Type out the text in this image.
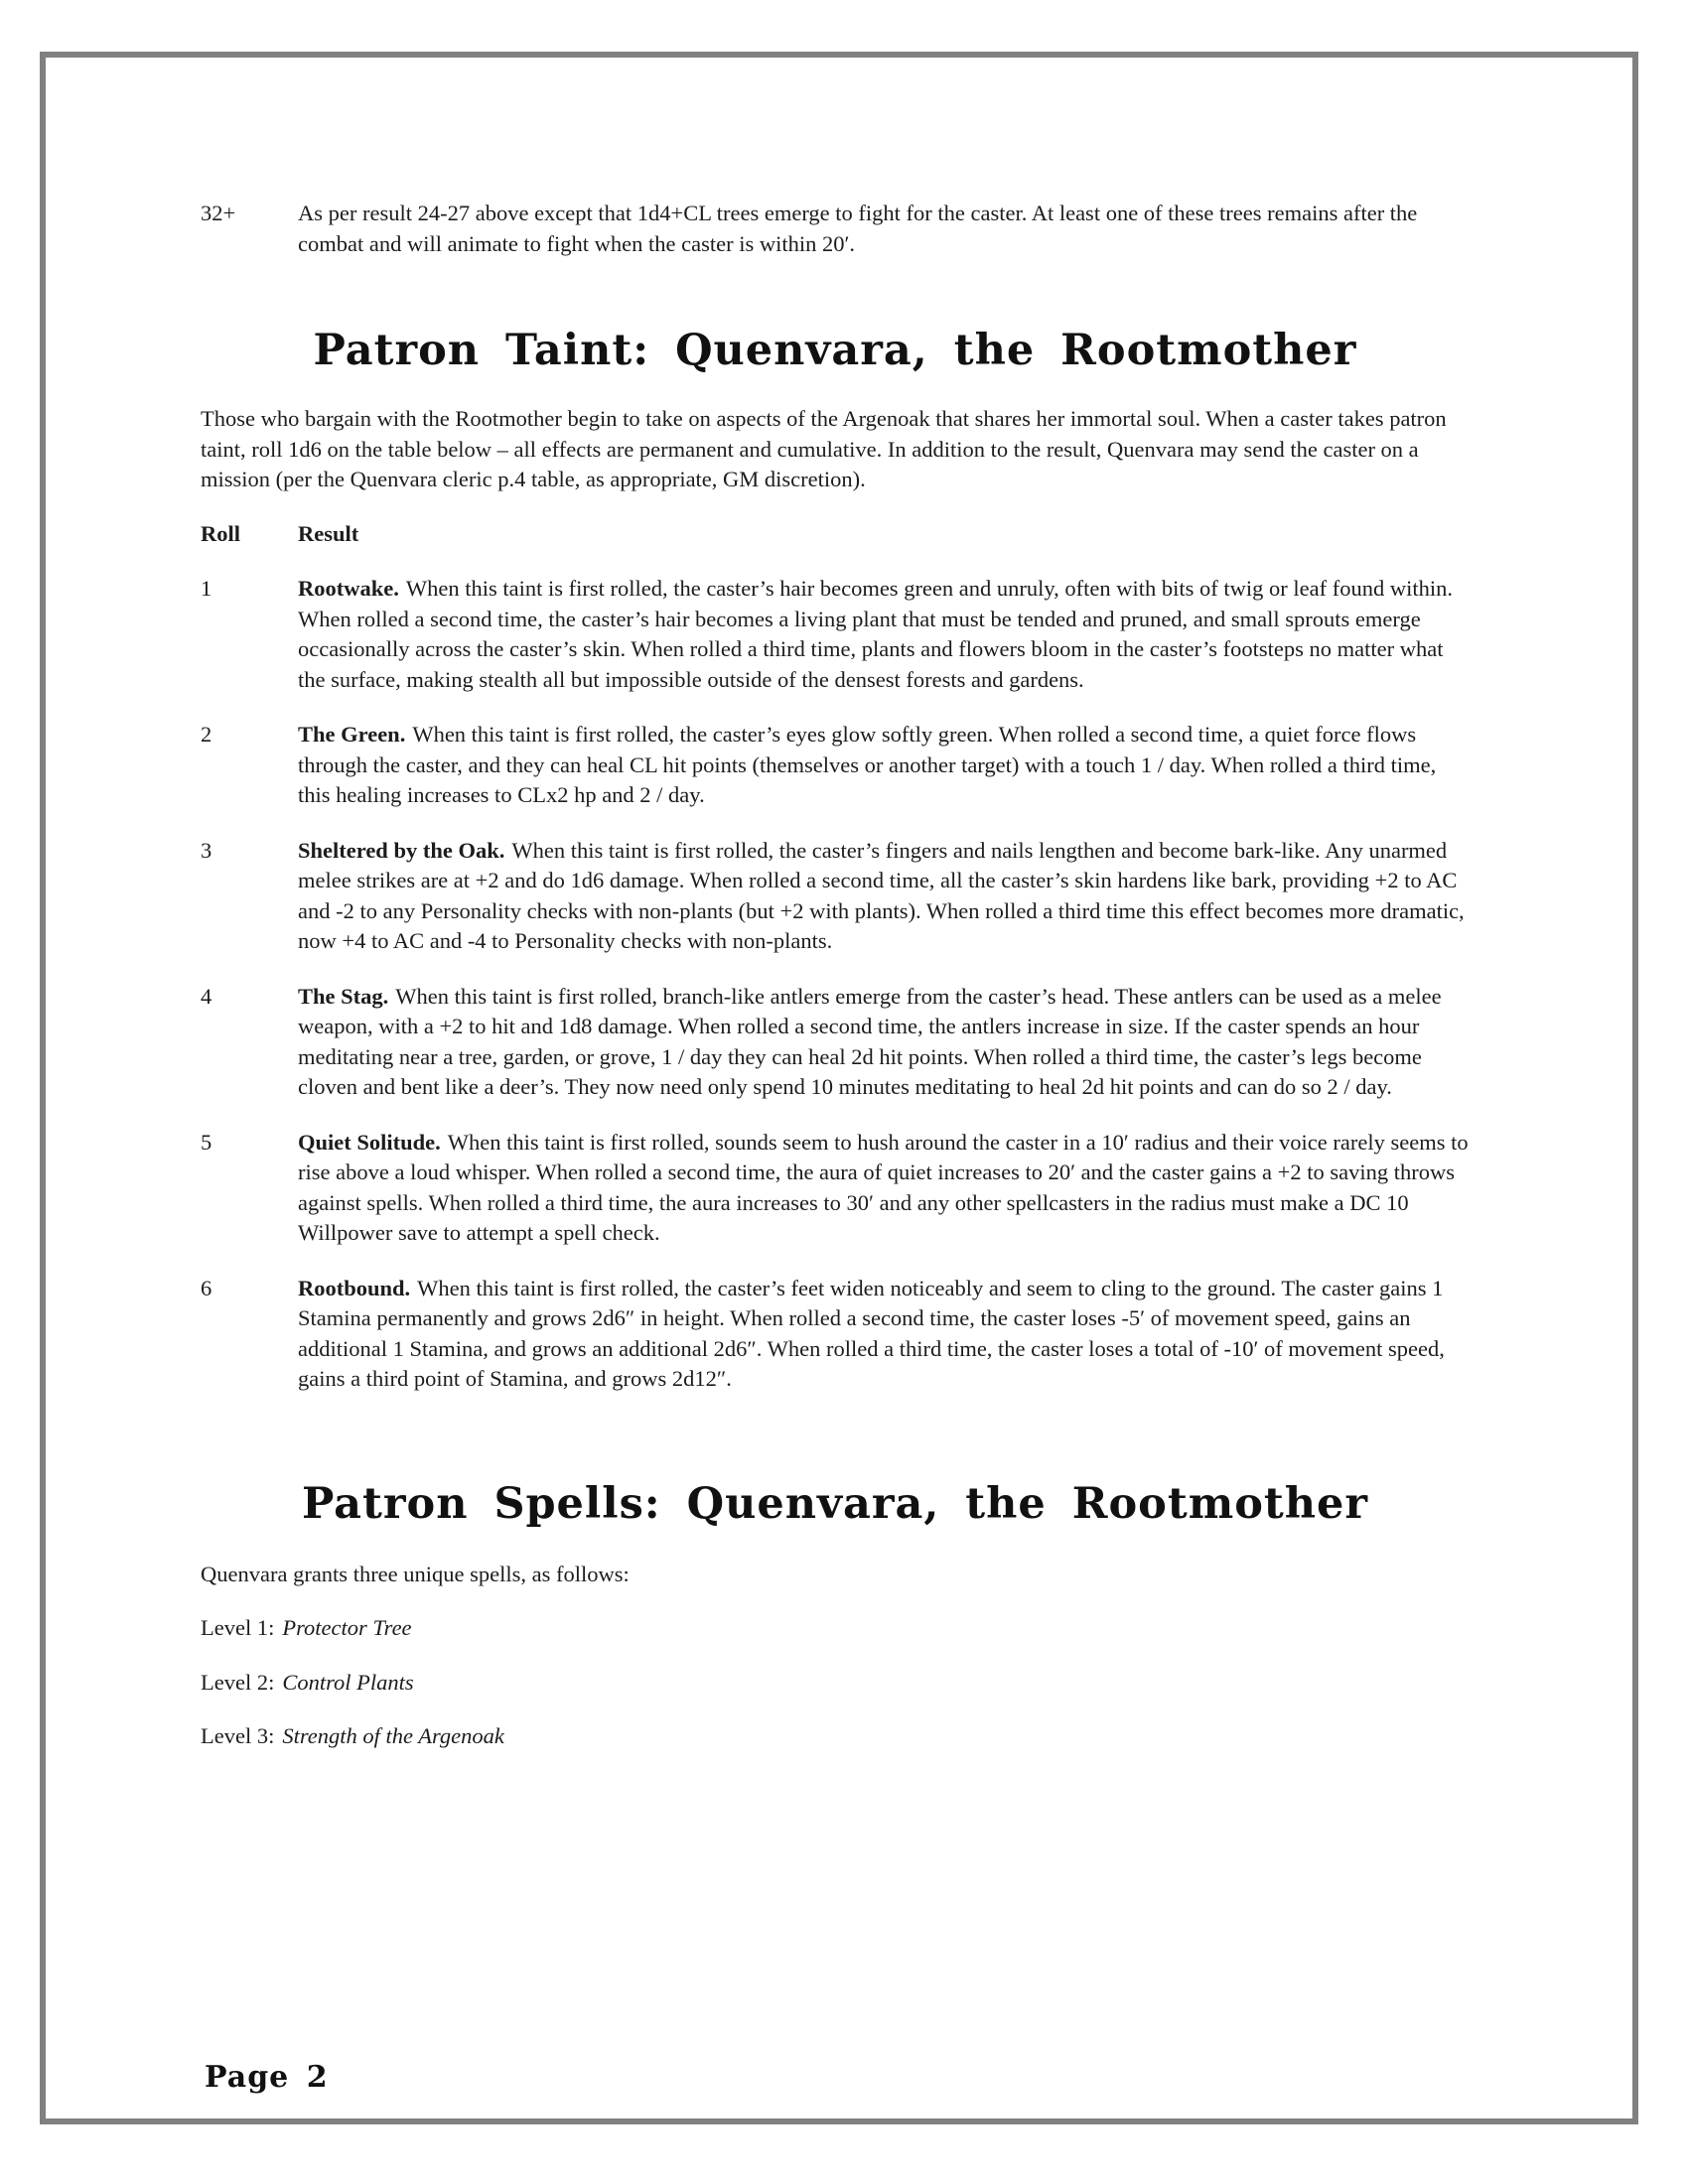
32+	As per result 24-27 above except that 1d4+CL trees emerge to fight for the caster. At least one of these trees remains after the combat and will animate to fight when the caster is within 20′.
Patron Taint: Quenvara, the Rootmother

Those who bargain with the Rootmother begin to take on aspects of the Argenoak that shares her immortal soul. When a caster takes patron taint, roll 1d6 on the table below – all effects are permanent and cumulative. In addition to the result, Quenvara may send the caster on a mission (per the Quenvara cleric p.4 table, as appropriate, GM discretion).

Roll	Result
1	Rootwake. When this taint is first rolled, the caster’s hair becomes green and unruly, often with bits of twig or leaf found within. When rolled a second time, the caster’s hair becomes a living plant that must be tended and pruned, and small sprouts emerge occasionally across the caster’s skin. When rolled a third time, plants and flowers bloom in the caster’s footsteps no matter what the surface, making stealth all but impossible outside of the densest forests and gardens.
2	The Green. When this taint is first rolled, the caster’s eyes glow softly green. When rolled a second time, a quiet force flows through the caster, and they can heal CL hit points (themselves or another target) with a touch 1 / day. When rolled a third time, this healing increases to CLx2 hp and 2 / day.
3	Sheltered by the Oak. When this taint is first rolled, the caster’s fingers and nails lengthen and become bark-like. Any unarmed melee strikes are at +2 and do 1d6 damage. When rolled a second time, all the caster’s skin hardens like bark, providing +2 to AC and -2 to any Personality checks with non-plants (but +2 with plants). When rolled a third time this effect becomes more dramatic, now +4 to AC and -4 to Personality checks with non-plants.
4	The Stag. When this taint is first rolled, branch-like antlers emerge from the caster’s head. These antlers can be used as a melee weapon, with a +2 to hit and 1d8 damage. When rolled a second time, the antlers increase in size. If the caster spends an hour meditating near a tree, garden, or grove, 1 / day they can heal 2d hit points. When rolled a third time, the caster’s legs become cloven and bent like a deer’s. They now need only spend 10 minutes meditating to heal 2d hit points and can do so 2 / day.
5	Quiet Solitude. When this taint is first rolled, sounds seem to hush around the caster in a 10′ radius and their voice rarely seems to rise above a loud whisper. When rolled a second time, the aura of quiet increases to 20′ and the caster gains a +2 to saving throws against spells. When rolled a third time, the aura increases to 30′ and any other spellcasters in the radius must make a DC 10 Willpower save to attempt a spell check.
6	Rootbound. When this taint is first rolled, the caster’s feet widen noticeably and seem to cling to the ground. The caster gains 1 Stamina permanently and grows 2d6″ in height. When rolled a second time, the caster loses -5′ of movement speed, gains an additional 1 Stamina, and grows an additional 2d6″. When rolled a third time, the caster loses a total of -10′ of movement speed, gains a third point of Stamina, and grows 2d12″.
Patron Spells: Quenvara, the Rootmother

Quenvara grants three unique spells, as follows:

Level 1: Protector Tree

Level 2: Control Plants

Level 3: Strength of the Argenoak

Page 2
